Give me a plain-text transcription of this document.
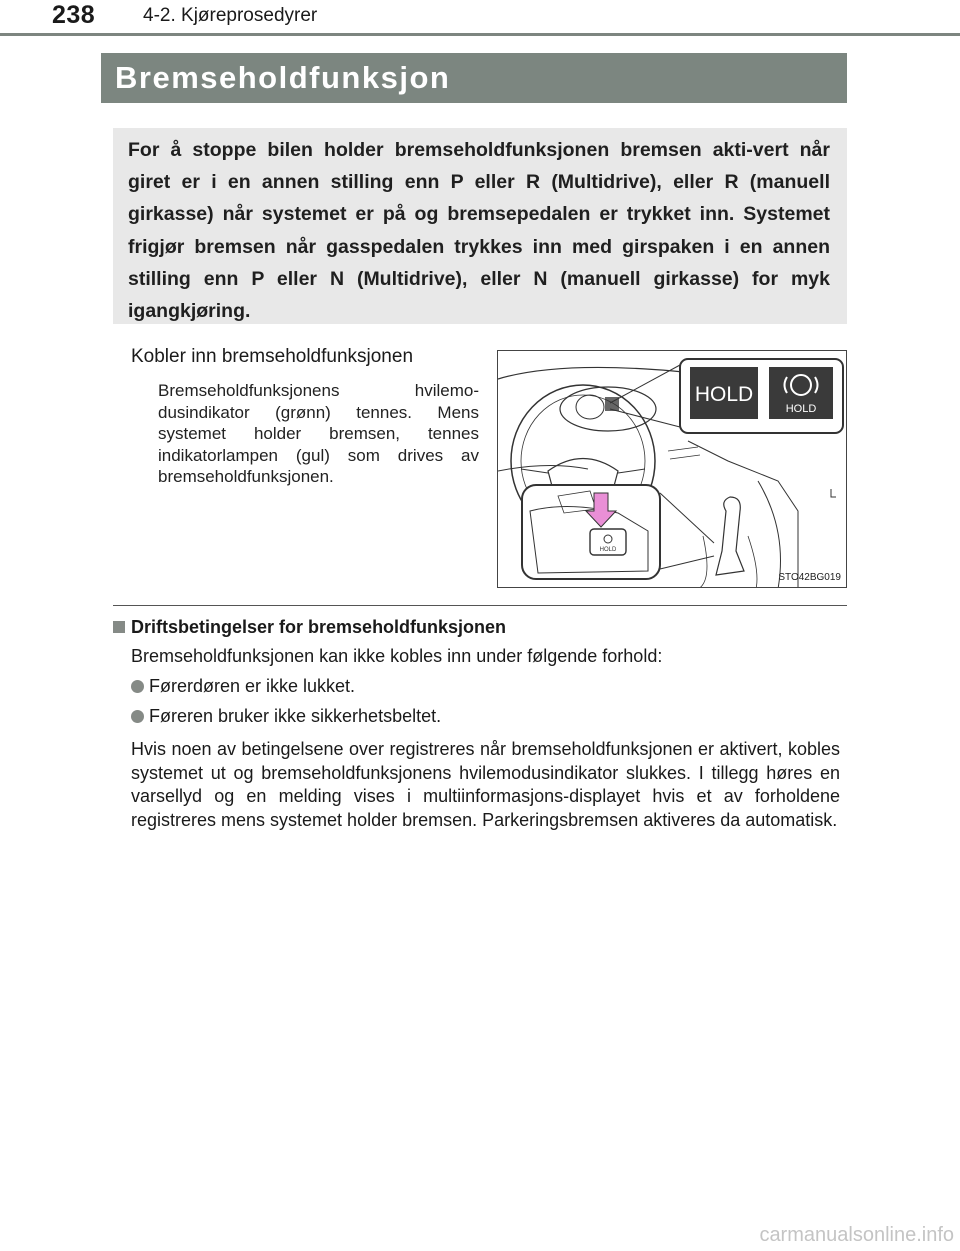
238	4-2. Kjøreprosedyrer
Bremseholdfunksjon

For å stoppe bilen holder bremseholdfunksjonen bremsen akti-vert når giret er i en annen stilling enn P eller R (Multidrive), eller R (manuell girkasse) når systemet er på og bremsepedalen er trykket inn. Systemet frigjør bremsen når gasspedalen trykkes inn med girspaken i en annen stilling enn P eller N (Multidrive), eller N (manuell girkasse) for myk igangkjøring.

Kobler inn bremseholdfunksjonen

Bremseholdfunksjonens hvilemo-dusindikator (grønn) tennes. Mens systemet holder bremsen, tennes indikatorlampen (gul) som drives av bremseholdfunksjonen.

HOLD
HOLD
HOLD
STO42BG019

Driftsbetingelser for bremseholdfunksjonen

Bremseholdfunksjonen kan ikke kobles inn under følgende forhold:

Førerdøren er ikke lukket.

Føreren bruker ikke sikkerhetsbeltet.

Hvis noen av betingelsene over registreres når bremseholdfunksjonen er aktivert, kobles systemet ut og bremseholdfunksjonens hvilemodusindikator slukkes. I tillegg høres en varsellyd og en melding vises i multiinformasjons-displayet hvis et av forholdene registreres mens systemet holder bremsen. Parkeringsbremsen aktiveres da automatisk.

carmanualsonline.info
